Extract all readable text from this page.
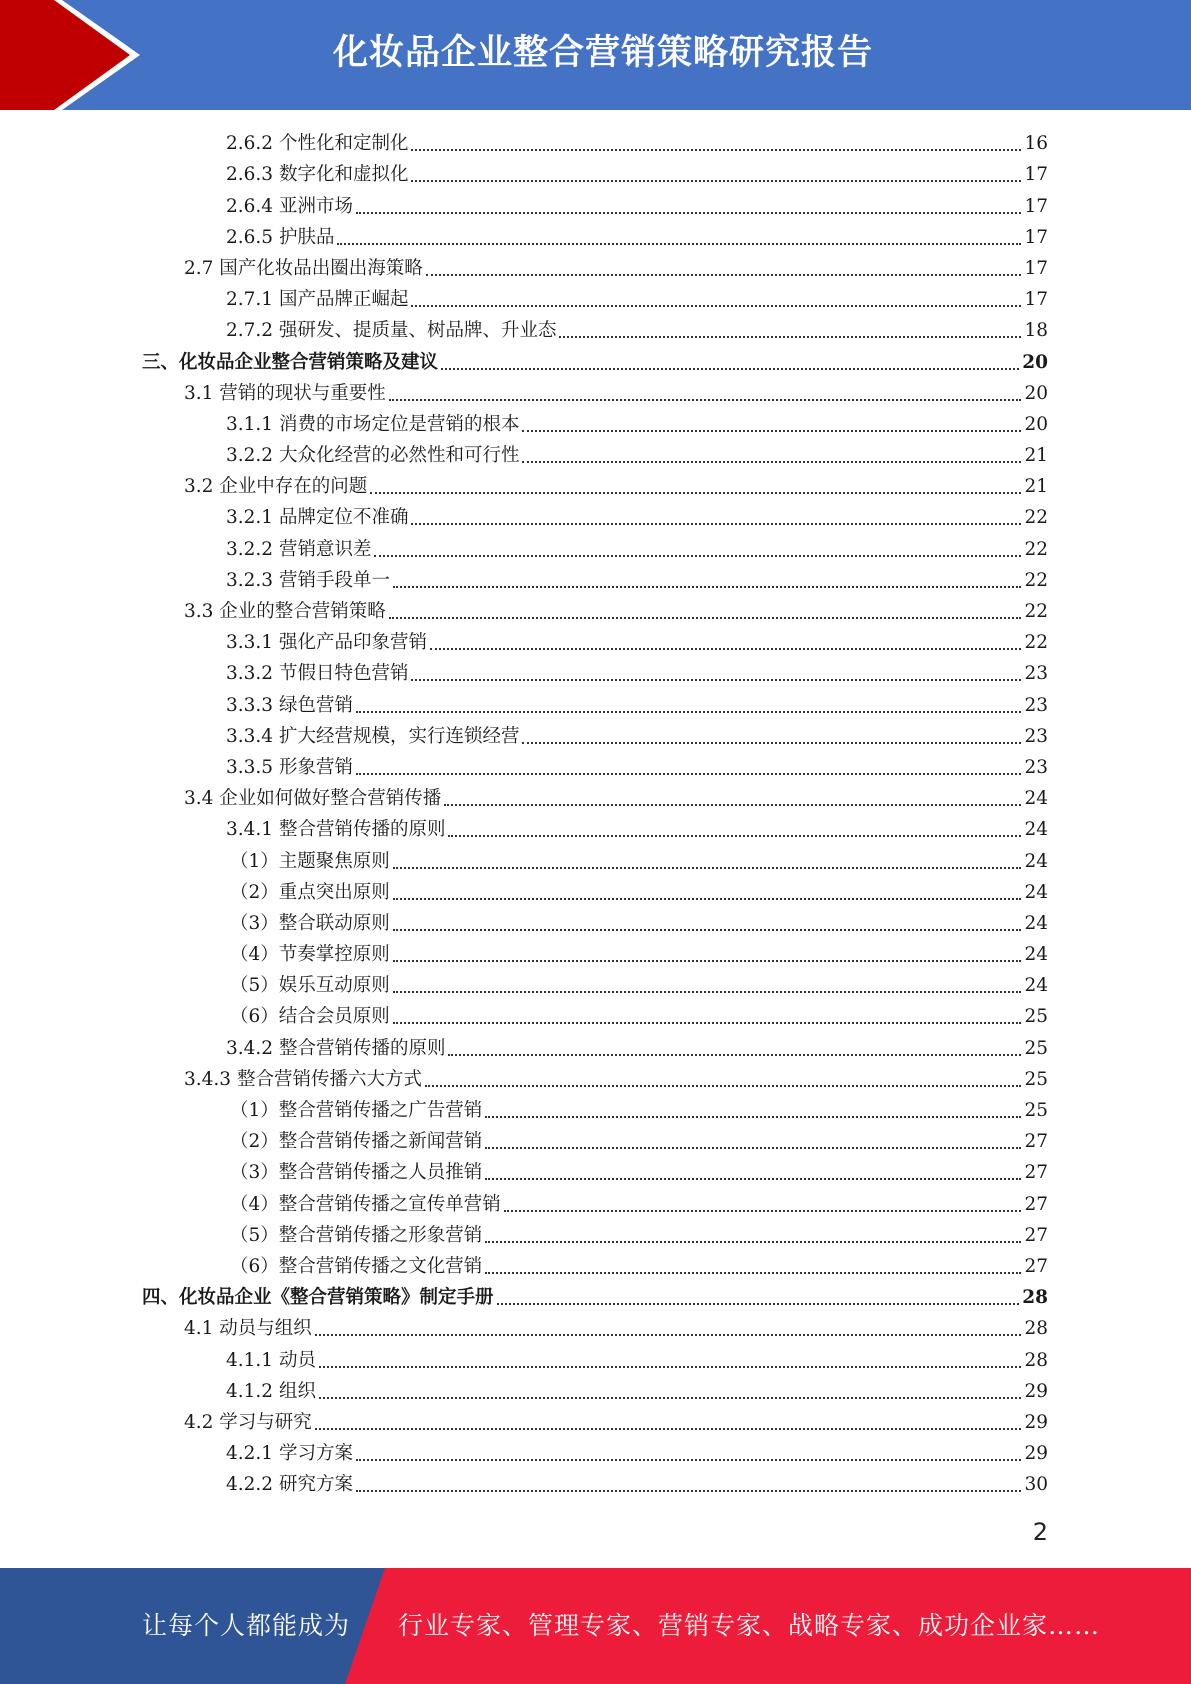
化妆品企业整合营销策略研究报告
2.6.2 个性化和定制化	16
2.6.3 数字化和虚拟化	17
2.6.4 亚洲市场	17
2.6.5 护肤品	17
2.7 国产化妆品出圈出海策略	17
2.7.1 国产品牌正崛起	17
2.7.2 强研发、提质量、树品牌、升业态	18
三、化妆品企业整合营销策略及建议	20
3.1 营销的现状与重要性	20
3.1.1 消费的市场定位是营销的根本	20
3.2.2 大众化经营的必然性和可行性	21
3.2 企业中存在的问题	21
3.2.1 品牌定位不准确	22
3.2.2 营销意识差	22
3.2.3 营销手段单一	22
3.3 企业的整合营销策略	22
3.3.1 强化产品印象营销	22
3.3.2 节假日特色营销	23
3.3.3 绿色营销	23
3.3.4 扩大经营规模，实行连锁经营	23
3.3.5 形象营销	23
3.4 企业如何做好整合营销传播	24
3.4.1 整合营销传播的原则	24
（1）主题聚焦原则	24
（2）重点突出原则	24
（3）整合联动原则	24
（4）节奏掌控原则	24
（5）娱乐互动原则	24
（6）结合会员原则	25
3.4.2 整合营销传播的原则	25
3.4.3 整合营销传播六大方式	25
（1）整合营销传播之广告营销	25
（2）整合营销传播之新闻营销	27
（3）整合营销传播之人员推销	27
（4）整合营销传播之宣传单营销	27
（5）整合营销传播之形象营销	27
（6）整合营销传播之文化营销	27
四、化妆品企业《整合营销策略》制定手册	28
4.1 动员与组织	28
4.1.1 动员	28
4.1.2 组织	29
4.2 学习与研究	29
4.2.1 学习方案	29
4.2.2 研究方案	30
2
让每个人都能成为 行业专家、管理专家、营销专家、战略专家、成功企业家……
